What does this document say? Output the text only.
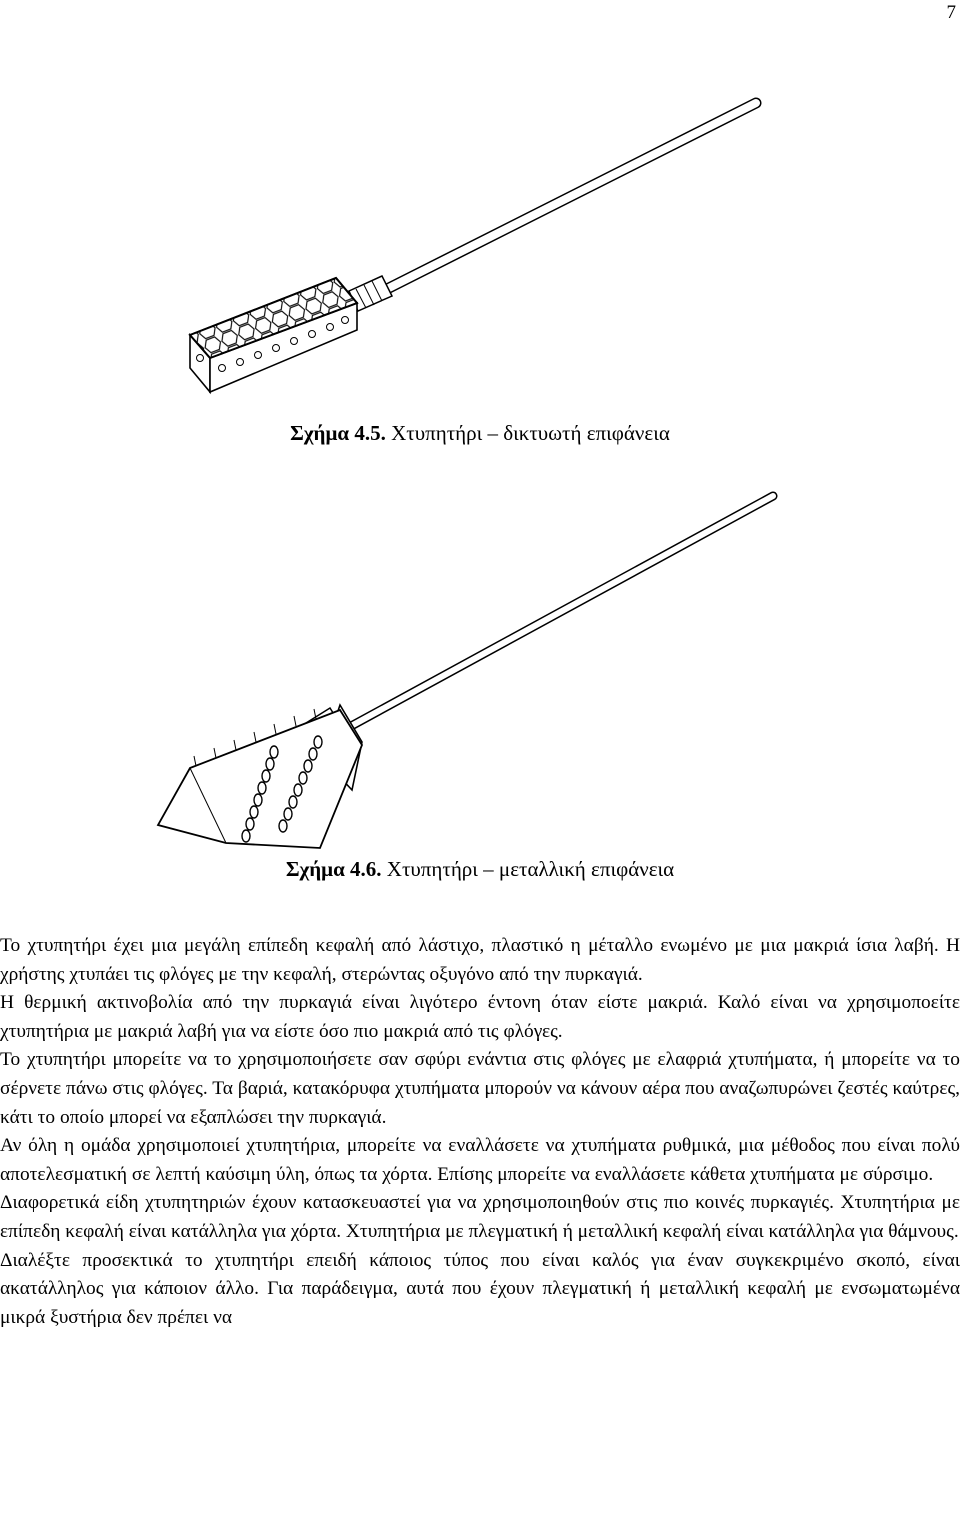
7
Σχήμα 4.5. Χτυπητήρι – δικτυωτή επιφάνεια
Σχήμα 4.6. Χτυπητήρι – μεταλλική επιφάνεια

Το χτυπητήρι έχει μια μεγάλη επίπεδη κεφαλή από λάστιχο, πλαστικό η μέταλλο ενωμένο με μια μακριά ίσια λαβή. Η χρήστης χτυπάει τις φλόγες με την κεφαλή, στερώντας οξυγόνο από την πυρκαγιά.

Η θερμική ακτινοβολία από την πυρκαγιά είναι λιγότερο έντονη όταν είστε μακριά. Καλό είναι να χρησιμοποείτε χτυπητήρια με μακριά λαβή για να είστε όσο πιο μακριά από τις φλόγες.

Το χτυπητήρι μπορείτε να το χρησιμοποιήσετε σαν σφύρι ενάντια στις φλόγες με ελαφριά χτυπήματα, ή μπορείτε να το σέρνετε πάνω στις φλόγες. Τα βαριά, κατακόρυφα χτυπήματα μπορούν να κάνουν αέρα που αναζωπυρώνει ζεστές καύτρες, κάτι το οποίο μπορεί να εξαπλώσει την πυρκαγιά.

Αν όλη η ομάδα χρησιμοποιεί χτυπητήρια, μπορείτε να εναλλάσετε να χτυπήματα ρυθμικά, μια μέθοδος που είναι πολύ αποτελεσματική σε λεπτή καύσιμη ύλη, όπως τα χόρτα. Επίσης μπορείτε να εναλλάσετε κάθετα χτυπήματα με σύρσιμο.

Διαφορετικά είδη χτυπητηριών έχουν κατασκευαστεί για να χρησιμοποιηθούν στις πιο κοινές πυρκαγιές. Χτυπητήρια με επίπεδη κεφαλή είναι κατάλληλα για χόρτα. Χτυπητήρια με πλεγματική ή μεταλλική κεφαλή είναι κατάλληλα για θάμνους.

Διαλέξτε προσεκτικά το χτυπητήρι επειδή κάποιος τύπος που είναι καλός για έναν συγκεκριμένο σκοπό, είναι ακατάλληλος για κάποιον άλλο. Για παράδειγμα, αυτά που έχουν πλεγματική ή μεταλλική κεφαλή με ενσωματωμένα μικρά ξυστήρια δεν πρέπει να
